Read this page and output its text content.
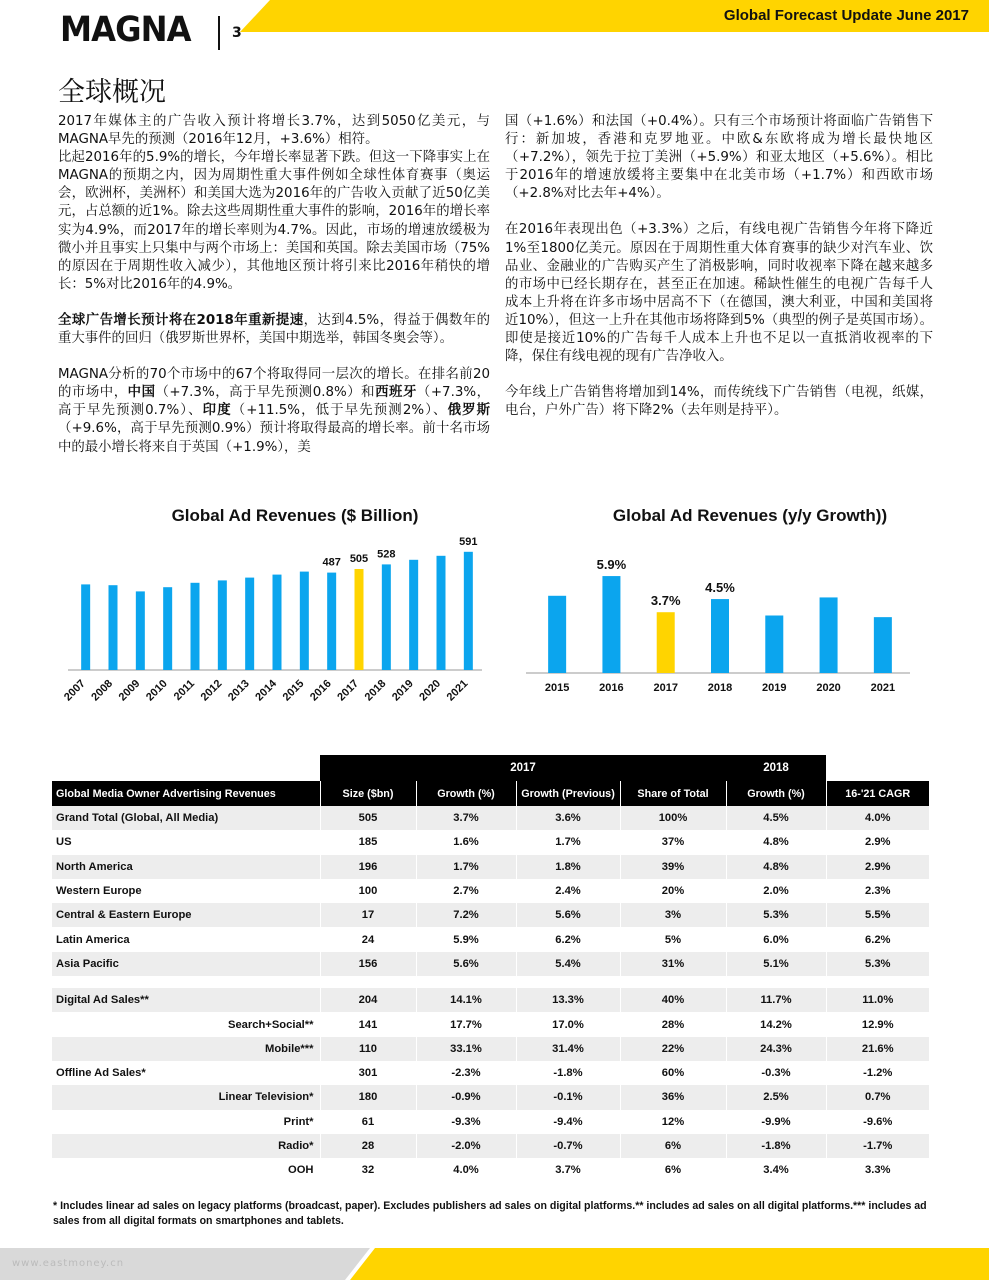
MAGNA	3
Global Forecast Update June 2017
全球概况

2017年媒体主的广告收入预计将增长3.7%，达到5050亿美元，与MAGNA早先的预测（2016年12月，+3.6%）相符。

比起2016年的5.9%的增长，今年增长率显著下跌。但这一下降事实上在MAGNA的预期之内，因为周期性重大事件例如全球性体育赛事（奥运会，欧洲杯，美洲杯）和美国大选为2016年的广告收入贡献了近50亿美元，占总额的近1%。除去这些周期性重大事件的影响，2016年的增长率实为4.9%，而2017年的增长率则为4.7%。因此，市场的增速放缓极为微小并且事实上只集中与两个市场上：美国和英国。除去美国市场（75%的原因在于周期性收入减少），其他地区预计将引来比2016年稍快的增长：5%对比2016年的4.9%。

全球广告增长预计将在2018年重新提速，达到4.5%，得益于偶数年的重大事件的回归（俄罗斯世界杯，美国中期选举，韩国冬奥会等）。

MAGNA分析的70个市场中的67个将取得同一层次的增长。在排名前20的市场中，中国（+7.3%，高于早先预测0.8%）和西班牙（+7.3%，高于早先预测0.7%）、印度（+11.5%，低于早先预测2%）、俄罗斯（+9.6%，高于早先预测0.9%）预计将取得最高的增长率。前十名市场中的最小增长将来自于英国（+1.9%），美

国（+1.6%）和法国（+0.4%）。只有三个市场预计将面临广告销售下行：新加坡，香港和克罗地亚。中欧&东欧将成为增长最快地区（+7.2%），领先于拉丁美洲（+5.9%）和亚太地区（+5.6%）。相比于2016年的增速放缓将主要集中在北美市场（+1.7%）和西欧市场（+2.8%对比去年+4%）。

在2016年表现出色（+3.3%）之后，有线电视广告销售今年将下降近1%至1800亿美元。原因在于周期性重大体育赛事的缺少对汽车业、饮品业、金融业的广告购买产生了消极影响，同时收视率下降在越来越多的市场中已经长期存在，甚至正在加速。稀缺性催生的电视广告每千人成本上升将在许多市场中居高不下（在德国，澳大利亚，中国和美国将近10%），但这一上升在其他市场将降到5%（典型的例子是英国市场）。即使是接近10%的广告每千人成本上升也不足以一直抵消收视率的下降，保住有线电视的现有广告净收入。

今年线上广告销售将增加到14%，而传统线下广告销售（电视，纸媒，电台，户外广告）将下降2%（去年则是持平）。

Global Ad Revenues ($ Billion)
2007 2008 2009 2010 2011 2012 2013 2014 2015
487
2016
505
2017
528
2018 2019 2020
591
2021
Global Ad Revenues (y/y Growth))
2015
5.9%
2016
3.7%
2017
4.5%
2018	2019	2020	2021
	2017				2018	
Global Media Owner Advertising Revenues	Size ($bn)	Growth (%)	Growth (Previous)	Share of Total	Growth (%)	16-'21 CAGR
Grand Total (Global, All Media)	505	3.7%	3.6%	100%	4.5%	4.0%
US	185	1.6%	1.7%	37%	4.8%	2.9%
North America	196	1.7%	1.8%	39%	4.8%	2.9%
Western Europe	100	2.7%	2.4%	20%	2.0%	2.3%
Central & Eastern Europe	17	7.2%	5.6%	3%	5.3%	5.5%
Latin America	24	5.9%	6.2%	5%	6.0%	6.2%
Asia Pacific	156	5.6%	5.4%	31%	5.1%	5.3%

Digital Ad Sales**	204	14.1%	13.3%	40%	11.7%	11.0%
Search+Social**	141	17.7%	17.0%	28%	14.2%	12.9%
Mobile***	110	33.1%	31.4%	22%	24.3%	21.6%
Offline Ad Sales*	301	-2.3%	-1.8%	60%	-0.3%	-1.2%
Linear Television*	180	-0.9%	-0.1%	36%	2.5%	0.7%
Print*	61	-9.3%	-9.4%	12%	-9.9%	-9.6%
Radio*	28	-2.0%	-0.7%	6%	-1.8%	-1.7%
OOH	32	4.0%	3.7%	6%	3.4%	3.3%
* Includes linear ad sales on legacy platforms (broadcast, paper). Excludes publishers ad sales on digital platforms.** includes ad sales on all digital platforms.*** includes ad sales from all digital formats on smartphones and tablets.
www.eastmoney.cn
